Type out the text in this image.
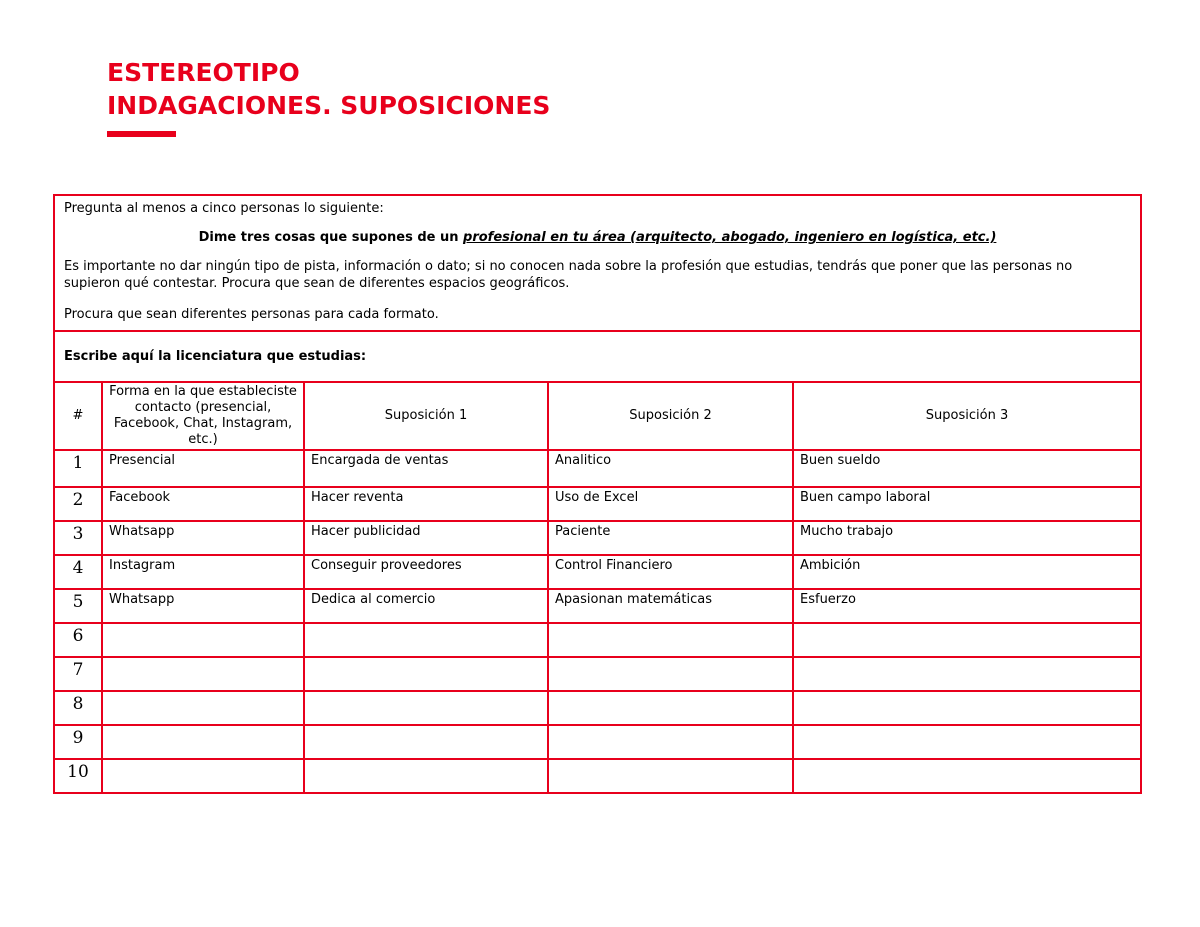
ESTEREOTIPO
INDAGACIONES. SUPOSICIONES

Pregunta al menos a cinco personas lo siguiente:

Dime tres cosas que supones de un profesional en tu área (arquitecto, abogado, ingeniero en logística, etc.)

Es importante no dar ningún tipo de pista, información o dato; si no conocen nada sobre la profesión que estudias, tendrás que poner que las personas no supieron qué contestar. Procura que sean de diferentes espacios geográficos.

Procura que sean diferentes personas para cada formato.				

Escribe aquí la licenciatura que estudias:				
#	Forma en la que estableciste contacto (presencial, Facebook, Chat, Instagram, etc.)	Suposición 1	Suposición 2	Suposición 3
1	Presencial	Encargada de ventas	Analitico	Buen sueldo
2	Facebook	Hacer reventa	Uso de Excel	Buen campo laboral
3	Whatsapp	Hacer publicidad	Paciente	Mucho trabajo
4	Instagram	Conseguir proveedores	Control Financiero	Ambición
5	Whatsapp	Dedica al comercio	Apasionan matemáticas	Esfuerzo
6				
7				
8				
9				
10				
